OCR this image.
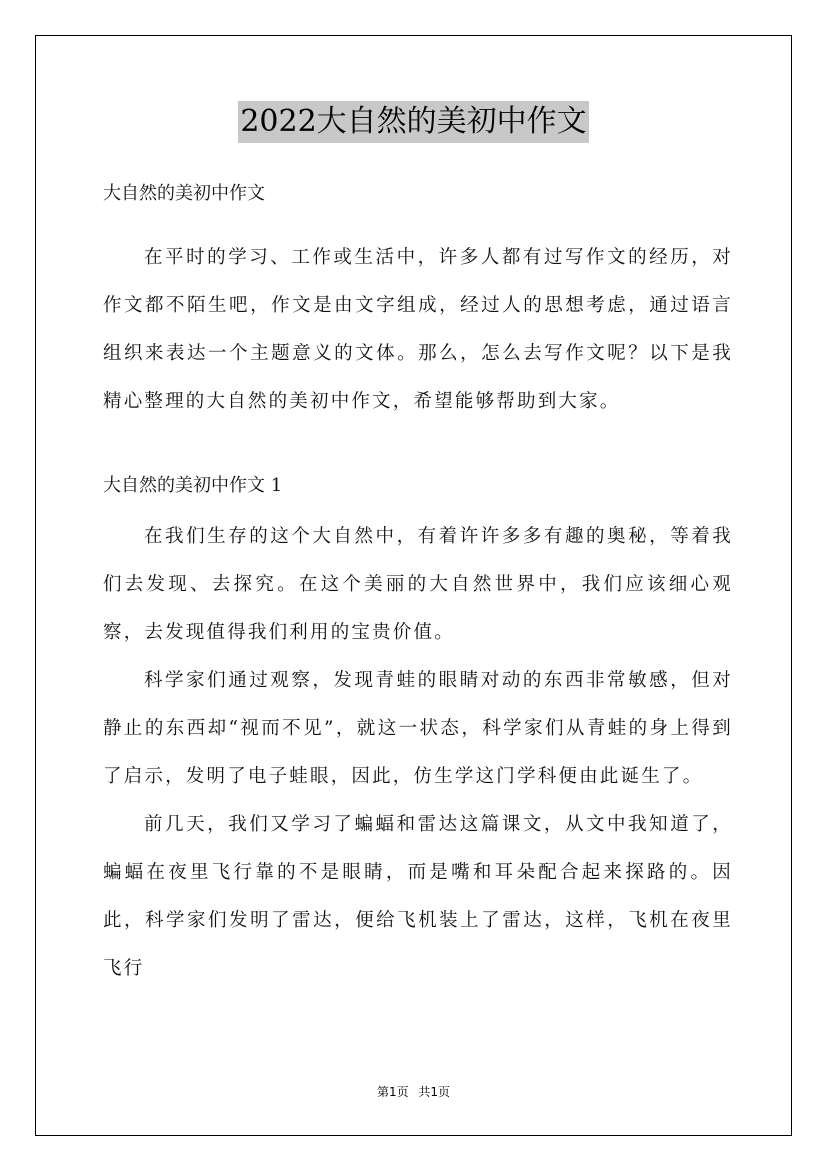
2022大自然的美初中作文

大自然的美初中作文

在平时的学习、工作或生活中，许多人都有过写作文的经历，对作文都不陌生吧，作文是由文字组成，经过人的思想考虑，通过语言组织来表达一个主题意义的文体。那么，怎么去写作文呢？以下是我精心整理的大自然的美初中作文，希望能够帮助到大家。

大自然的美初中作文 1

在我们生存的这个大自然中，有着许许多多有趣的奥秘，等着我们去发现、去探究。在这个美丽的大自然世界中，我们应该细心观察，去发现值得我们利用的宝贵价值。

科学家们通过观察，发现青蛙的眼睛对动的东西非常敏感，但对静止的东西却“视而不见”，就这一状态，科学家们从青蛙的身上得到了启示，发明了电子蛙眼，因此，仿生学这门学科便由此诞生了。

前几天，我们又学习了蝙蝠和雷达这篇课文，从文中我知道了，蝙蝠在夜里飞行靠的不是眼睛，而是嘴和耳朵配合起来探路的。因此，科学家们发明了雷达，便给飞机装上了雷达，这样，飞机在夜里飞行

第1页 共1页
